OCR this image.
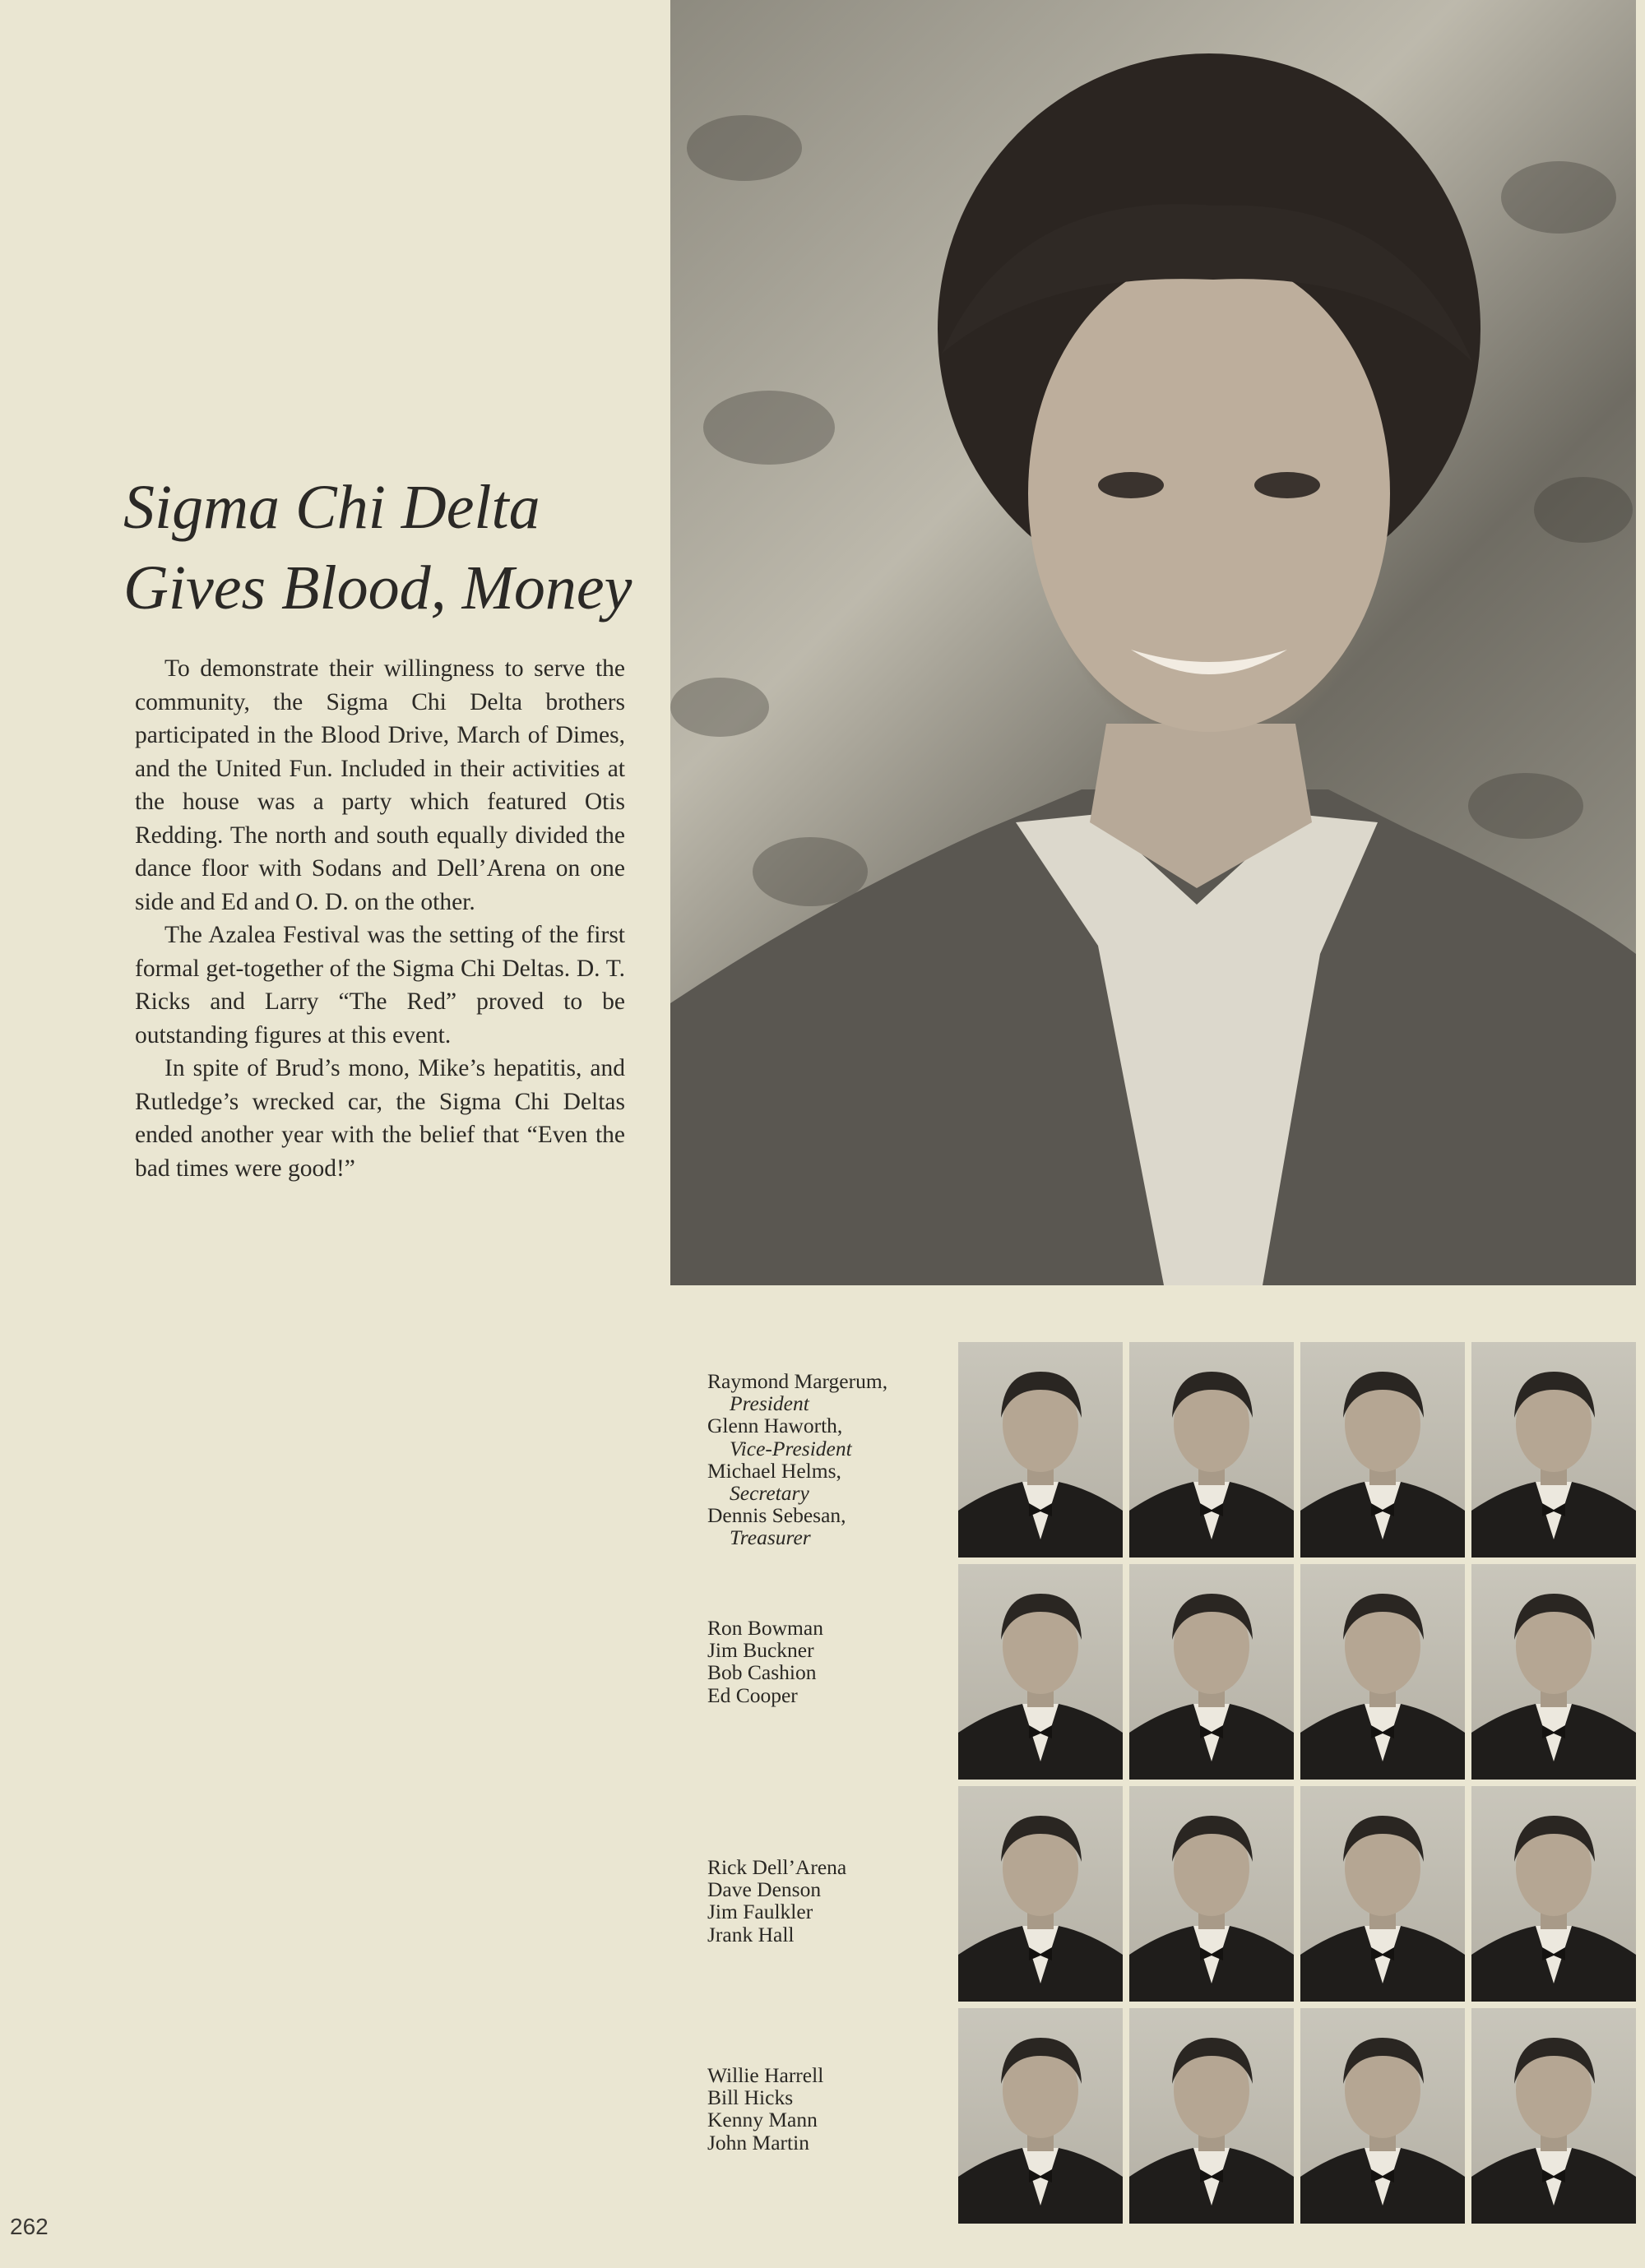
Sigma Chi Delta
Gives Blood, Money

To demonstrate their willingness to serve the community, the Sigma Chi Delta brothers participated in the Blood Drive, March of Dimes, and the United Fun. Included in their activities at the house was a party which featured Otis Redding. The north and south equally divided the dance floor with Sodans and Dell’Arena on one side and Ed and O. D. on the other.

The Azalea Festival was the setting of the first formal get-together of the Sigma Chi Deltas. D. T. Ricks and Larry “The Red” proved to be outstanding figures at this event.

In spite of Brud’s mono, Mike’s hepatitis, and Rutledge’s wrecked car, the Sigma Chi Deltas ended another year with the belief that “Even the bad times were good!”

Raymond Margerum,
President
Glenn Haworth,
Vice-President
Michael Helms,
Secretary
Dennis Sebesan,
Treasurer
Ron Bowman
Jim Buckner
Bob Cashion
Ed Cooper
Rick Dell’Arena
Dave Denson
Jim Faulkler
Jrank Hall
Willie Harrell
Bill Hicks
Kenny Mann
John Martin
262
